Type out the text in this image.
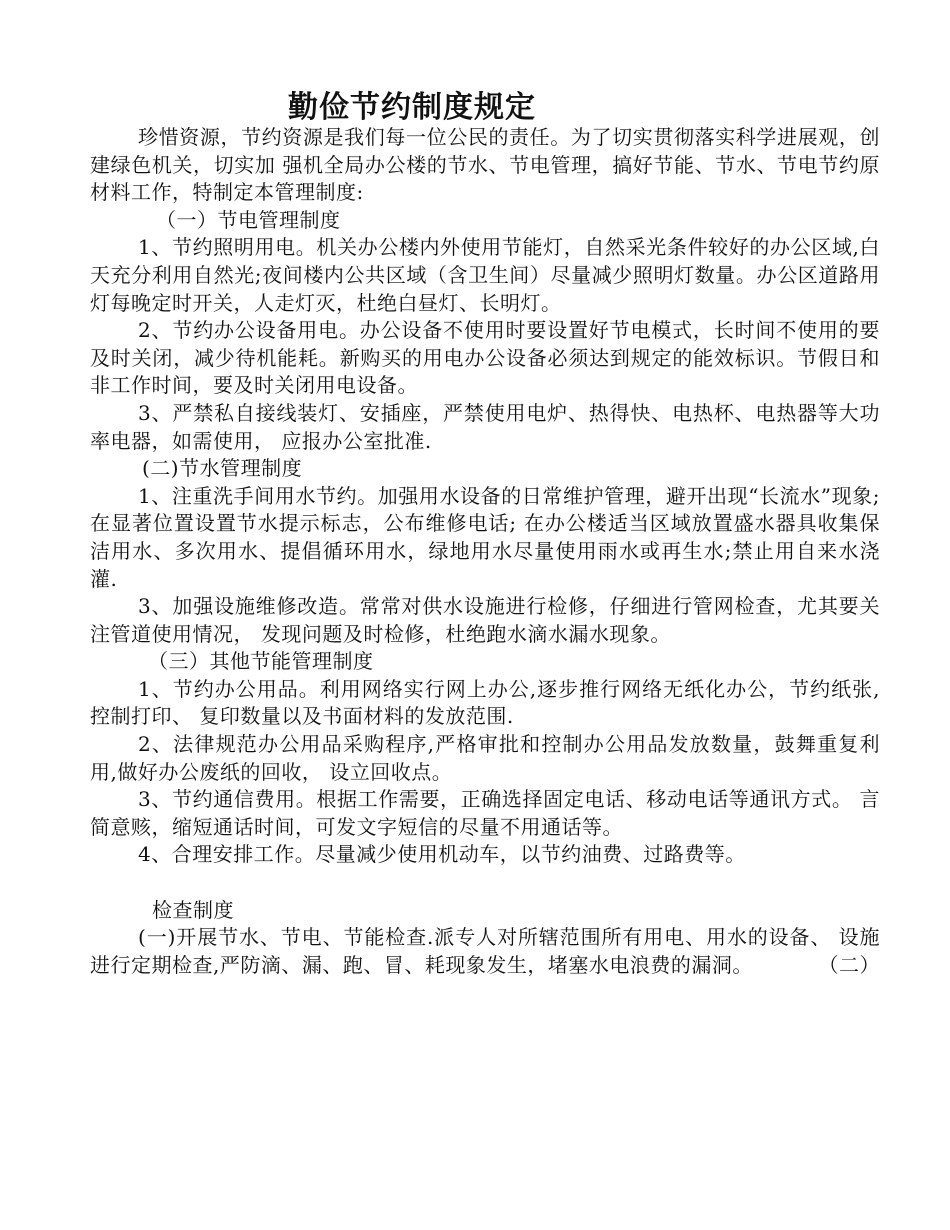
勤俭节约制度规定

珍惜资源，节约资源是我们每一位公民的责任。为了切实贯彻落实科学进展观，创建绿色机关，切实加 强机全局办公楼的节水、节电管理，搞好节能、节水、节电节约原材料工作，特制定本管理制度:

（一）节电管理制度

1、节约照明用电。机关办公楼内外使用节能灯，自然采光条件较好的办公区域,白天充分利用自然光;夜间楼内公共区域（含卫生间）尽量减少照明灯数量。办公区道路用灯每晚定时开关，人走灯灭，杜绝白昼灯、长明灯。

2、节约办公设备用电。办公设备不使用时要设置好节电模式，长时间不使用的要及时关闭，减少待机能耗。新购买的用电办公设备必须达到规定的能效标识。节假日和非工作时间，要及时关闭用电设备。

3、严禁私自接线装灯、安插座，严禁使用电炉、热得快、电热杯、电热器等大功率电器，如需使用， 应报办公室批准.

(二)节水管理制度

1、注重洗手间用水节约。加强用水设备的日常维护管理，避开出现“长流水”现象; 在显著位置设置节水提示标志，公布维修电话; 在办公楼适当区域放置盛水器具收集保洁用水、多次用水、提倡循环用水，绿地用水尽量使用雨水或再生水;禁止用自来水浇灌.

3、加强设施维修改造。常常对供水设施进行检修，仔细进行管网检查，尤其要关注管道使用情况， 发现问题及时检修，杜绝跑水滴水漏水现象。

（三）其他节能管理制度

1、节约办公用品。利用网络实行网上办公,逐步推行网络无纸化办公，节约纸张,控制打印、 复印数量以及书面材料的发放范围.

2、法律规范办公用品采购程序,严格审批和控制办公用品发放数量，鼓舞重复利用,做好办公废纸的回收， 设立回收点。

3、节约通信费用。根据工作需要，正确选择固定电话、移动电话等通讯方式。 言简意赅，缩短通话时间，可发文字短信的尽量不用通话等。

4、合理安排工作。尽量减少使用机动车，以节约油费、过路费等。

检查制度

(一)开展节水、节电、节能检查.派专人对所辖范围所有用电、用水的设备、 设施进行定期检查,严防滴、漏、跑、冒、耗现象发生，堵塞水电浪费的漏洞。	（二）
